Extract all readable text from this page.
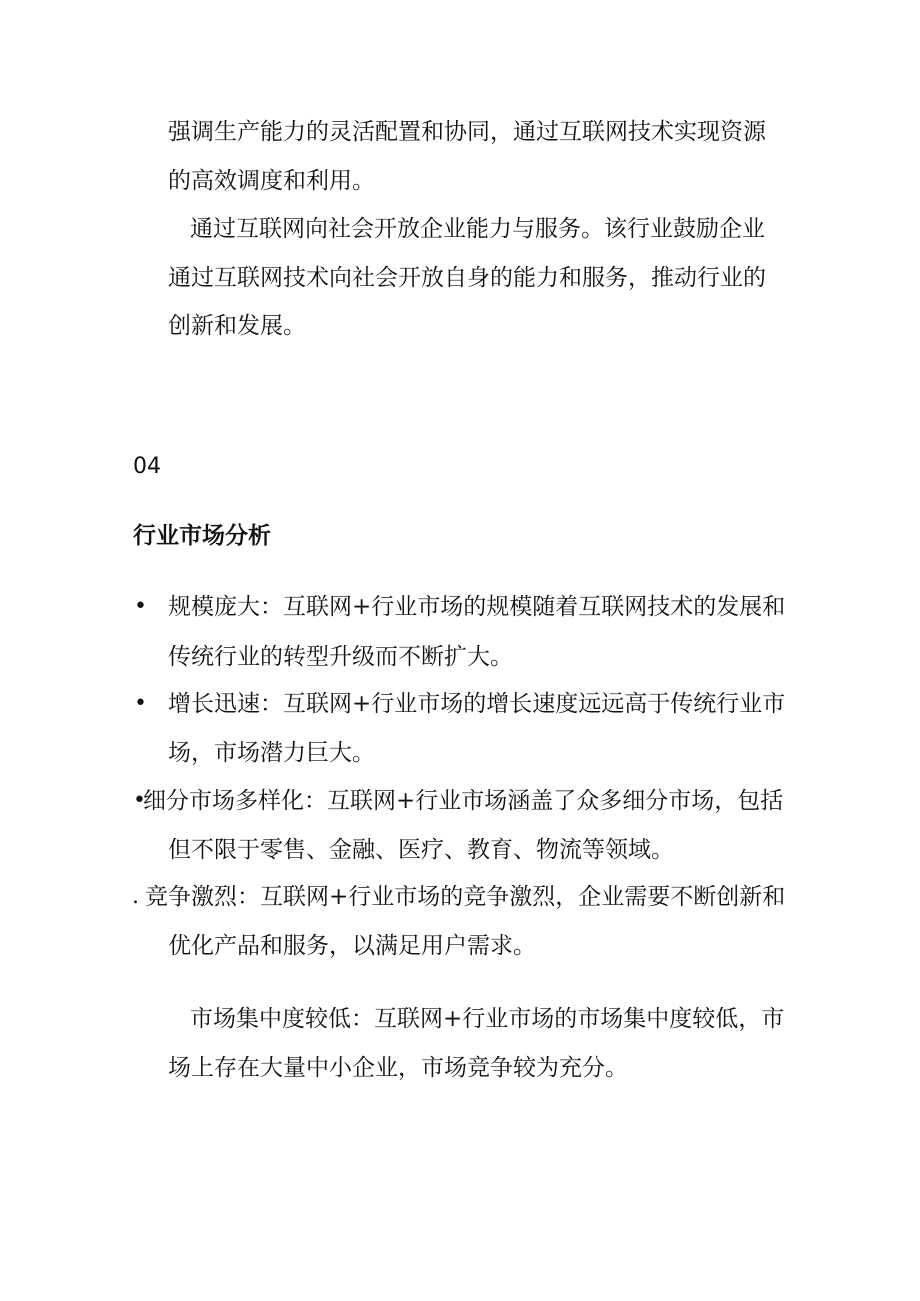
强调生产能力的灵活配置和协同，通过互联网技术实现资源

的高效调度和利用。

通过互联网向社会开放企业能力与服务。该行业鼓励企业

通过互联网技术向社会开放自身的能力和服务，推动行业的

创新和发展。

04

行业市场分析

• 规模庞大：互联网+行业市场的规模随着互联网技术的发展和

传统行业的转型升级而不断扩大。

• 增长迅速：互联网+行业市场的增长速度远远高于传统行业市

场，市场潜力巨大。

•

细分市场多样化：互联网+行业市场涵盖了众多细分市场，包括

但不限于零售、金融、医疗、教育、物流等领域。

. 竞争激烈：互联网+行业市场的竞争激烈，企业需要不断创新和

优化产品和服务，以满足用户需求。

市场集中度较低：互联网+行业市场的市场集中度较低，市

场上存在大量中小企业，市场竞争较为充分。
